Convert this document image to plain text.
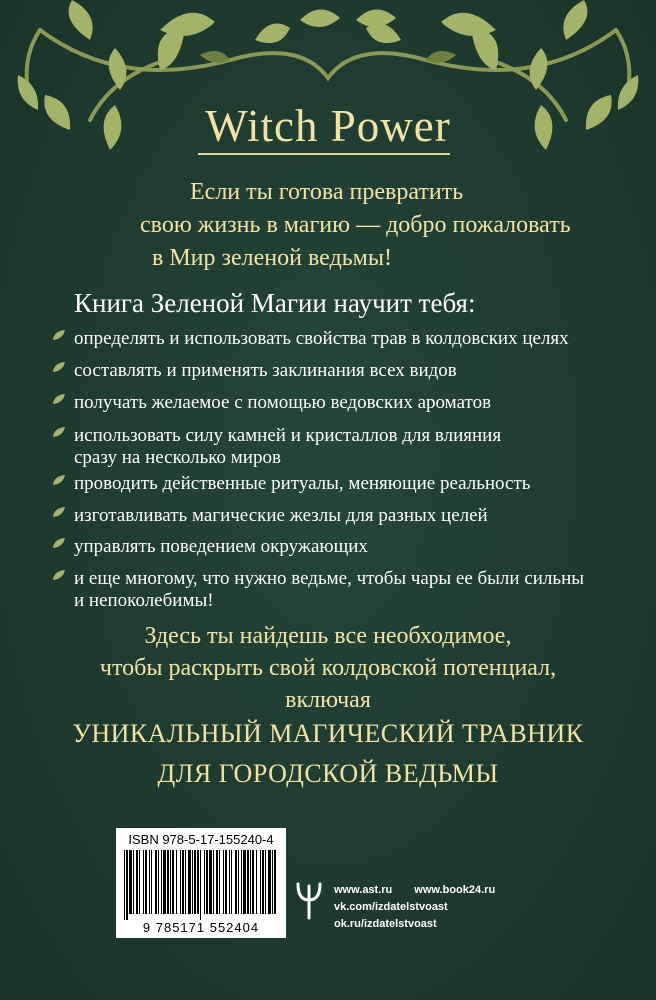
Witch Power
Если ты готова превратить
свою жизнь в магию — добро пожаловать
в Мир зеленой ведьмы!
Книга Зеленой Магии научит тебя:
определять и использовать свойства трав в колдовских целях
составлять и применять заклинания всех видов
получать желаемое с помощью ведовских ароматов
использовать силу камней и кристаллов для влияния
сразу на несколько миров
проводить действенные ритуалы, меняющие реальность
изготавливать магические жезлы для разных целей
управлять поведением окружающих
и еще многому, что нужно ведьме, чтобы чары ее были сильны
и непоколебимы!
Здесь ты найдешь все необходимое,
чтобы раскрыть свой колдовской потенциал,
включая
УНИКАЛЬНЫЙ МАГИЧЕСКИЙ ТРАВНИК
ДЛЯ ГОРОДСКОЙ ВЕДЬМЫ
ISBN 978-5-17-155240-4
9 785171 552404
www.ast.ru www.book24.ru
vk.com/izdatelstvoast
ok.ru/izdatelstvoast
